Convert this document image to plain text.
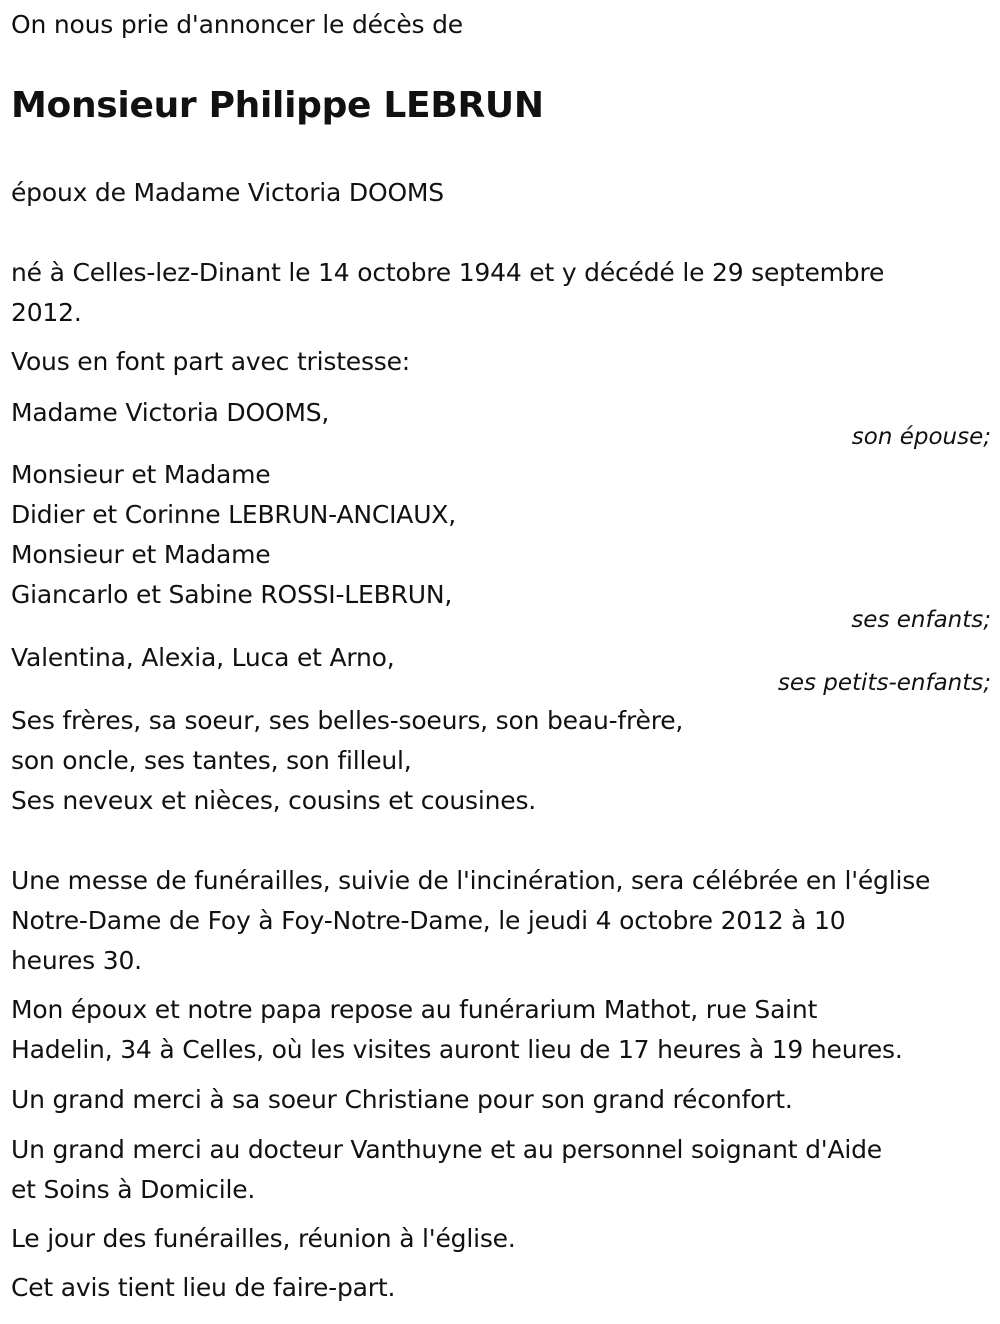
On nous prie d'annoncer le décès de
Monsieur Philippe LEBRUN
époux de Madame Victoria DOOMS
né à Celles-lez-Dinant le 14 octobre 1944 et y décédé le 29 septembre
2012.
Vous en font part avec tristesse:
Madame Victoria DOOMS,
son épouse;
Monsieur et Madame
Didier et Corinne LEBRUN-ANCIAUX,
Monsieur et Madame
Giancarlo et Sabine ROSSI-LEBRUN,
ses enfants;
Valentina, Alexia, Luca et Arno,
ses petits-enfants;
Ses frères, sa soeur, ses belles-soeurs, son beau-frère,
son oncle, ses tantes, son filleul,
Ses neveux et nièces, cousins et cousines.
Une messe de funérailles, suivie de l'incinération, sera célébrée en l'église
Notre-Dame de Foy à Foy-Notre-Dame, le jeudi 4 octobre 2012 à 10
heures 30.
Mon époux et notre papa repose au funérarium Mathot, rue Saint
Hadelin, 34 à Celles, où les visites auront lieu de 17 heures à 19 heures.
Un grand merci à sa soeur Christiane pour son grand réconfort.
Un grand merci au docteur Vanthuyne et au personnel soignant d'Aide
et Soins à Domicile.
Le jour des funérailles, réunion à l'église.
Cet avis tient lieu de faire-part.
